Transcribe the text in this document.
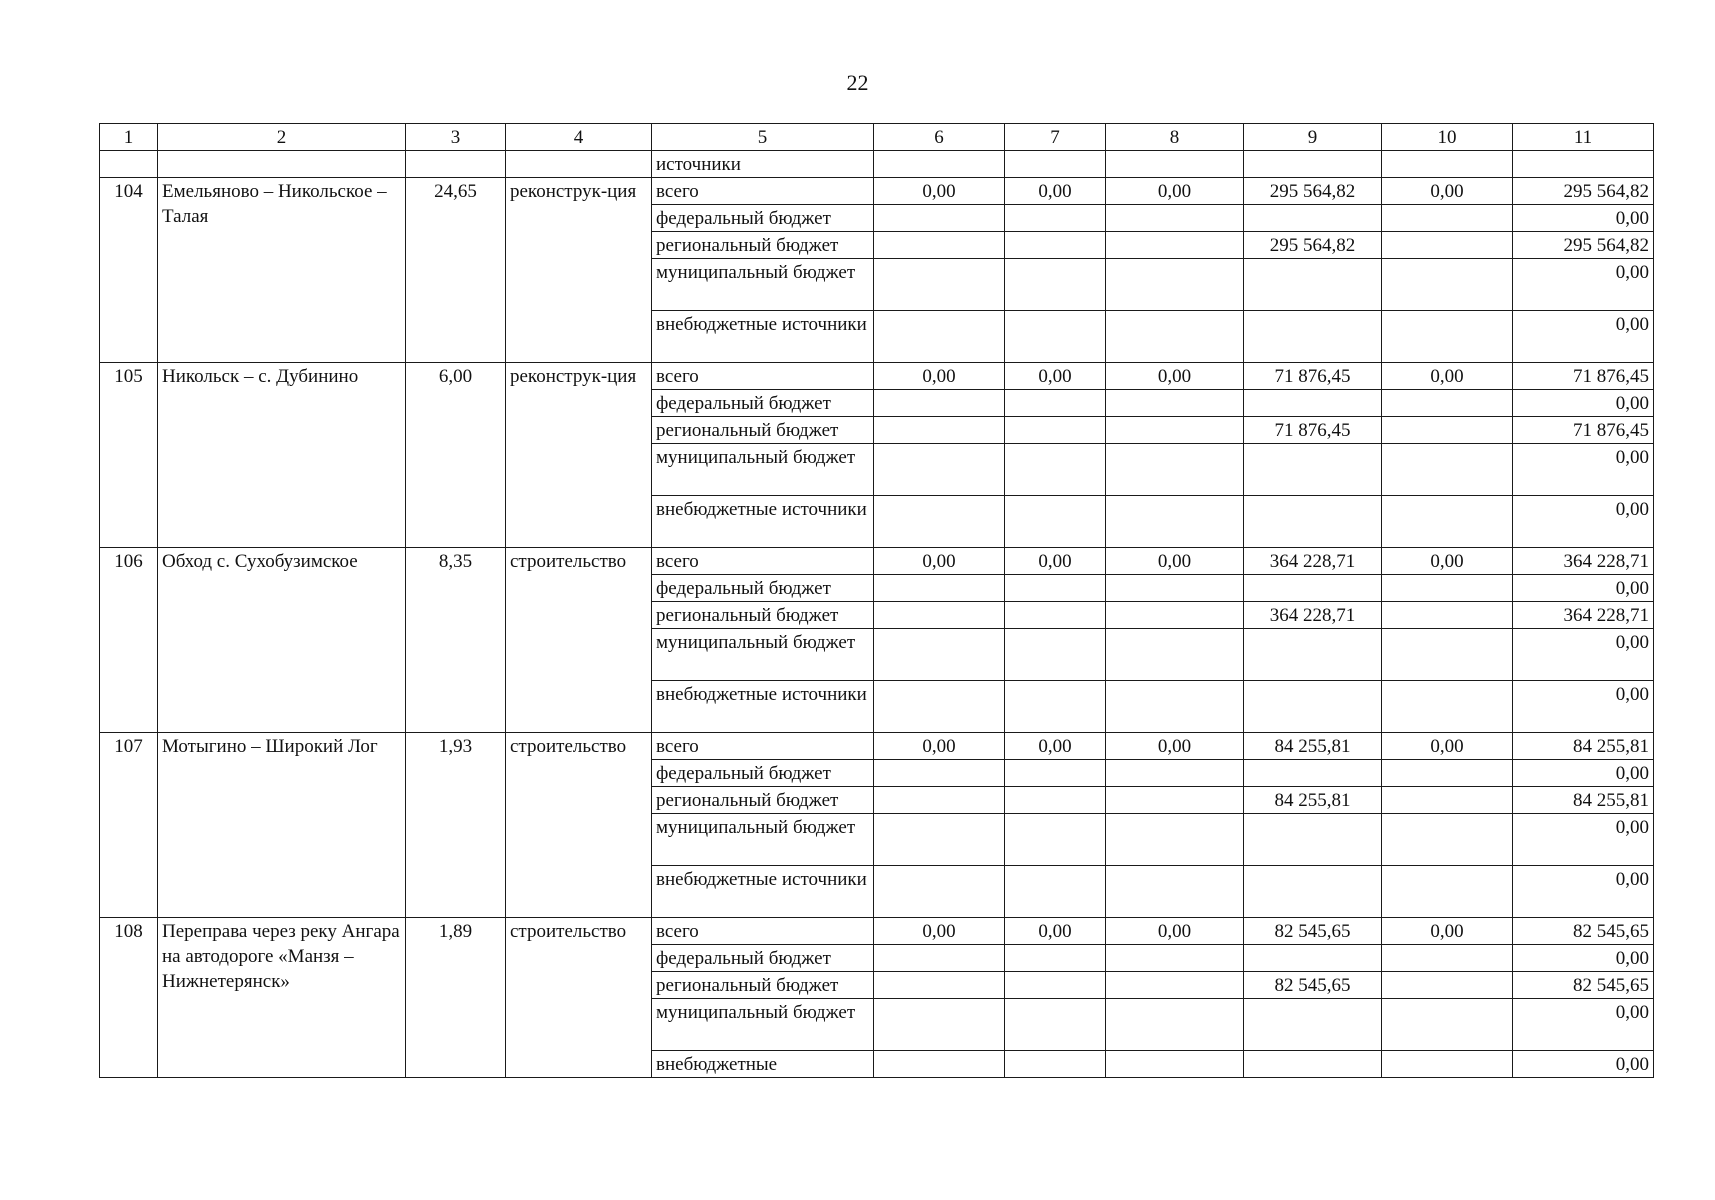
22
1	2	3	4	5	6	7	8	9	10	11
				источники						
104	Емельяново – Никольское – Талая	24,65	реконструк-ция	всего	0,00	0,00	0,00	295 564,82	0,00	295 564,82
				федеральный бюджет						0,00
				региональный бюджет				295 564,82		295 564,82
				муниципальный бюджет						0,00
				внебюджетные источники						0,00
105	Никольск – с. Дубинино	6,00	реконструк-ция	всего	0,00	0,00	0,00	71 876,45	0,00	71 876,45
				федеральный бюджет						0,00
				региональный бюджет				71 876,45		71 876,45
				муниципальный бюджет						0,00
				внебюджетные источники						0,00
106	Обход с. Сухобузимское	8,35	строительство	всего	0,00	0,00	0,00	364 228,71	0,00	364 228,71
				федеральный бюджет						0,00
				региональный бюджет				364 228,71		364 228,71
				муниципальный бюджет						0,00
				внебюджетные источники						0,00
107	Мотыгино – Широкий Лог	1,93	строительство	всего	0,00	0,00	0,00	84 255,81	0,00	84 255,81
				федеральный бюджет						0,00
				региональный бюджет				84 255,81		84 255,81
				муниципальный бюджет						0,00
				внебюджетные источники						0,00
108	Переправа через реку Ангара на автодороге «Манзя – Нижнетерянск»	1,89	строительство	всего	0,00	0,00	0,00	82 545,65	0,00	82 545,65
				федеральный бюджет						0,00
				региональный бюджет				82 545,65		82 545,65
				муниципальный бюджет						0,00
				внебюджетные						0,00
